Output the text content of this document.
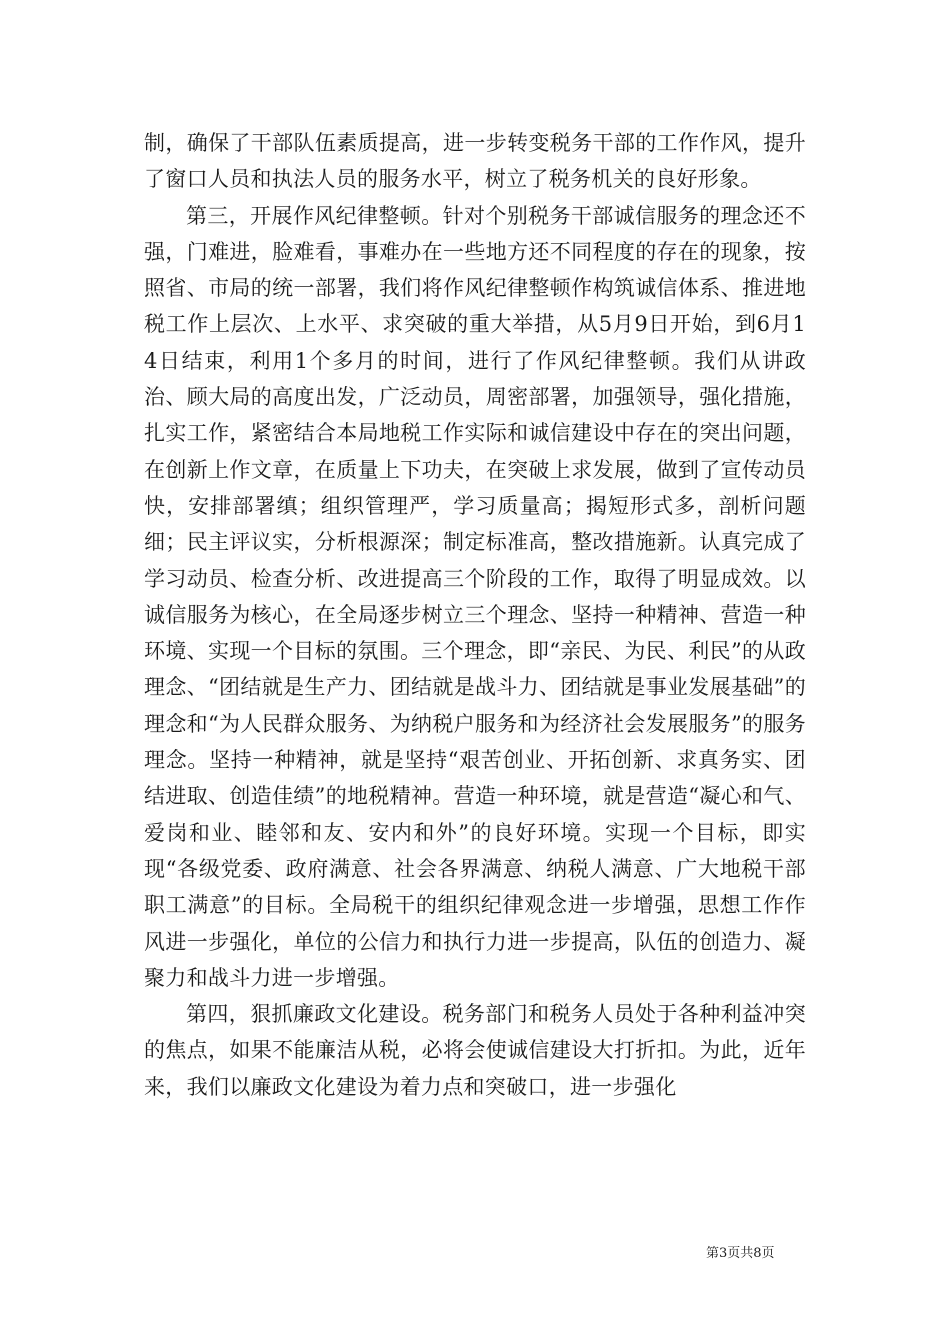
制，确保了干部队伍素质提高，进一步转变税务干部的工作作风，提升了窗口人员和执法人员的服务水平，树立了税务机关的良好形象。

第三，开展作风纪律整顿。针对个别税务干部诚信服务的理念还不强，门难进，脸难看，事难办在一些地方还不同程度的存在的现象，按照省、市局的统一部署，我们将作风纪律整顿作构筑诚信体系、推进地税工作上层次、上水平、求突破的重大举措，从5月9日开始，到6月14日结束，利用1个多月的时间，进行了作风纪律整顿。我们从讲政治、顾大局的高度出发，广泛动员，周密部署，加强领导，强化措施，扎实工作，紧密结合本局地税工作实际和诚信建设中存在的突出问题，在创新上作文章，在质量上下功夫，在突破上求发展，做到了宣传动员快，安排部署缜；组织管理严，学习质量高；揭短形式多，剖析问题细；民主评议实，分析根源深；制定标准高，整改措施新。认真完成了学习动员、检查分析、改进提高三个阶段的工作，取得了明显成效。以诚信服务为核心，在全局逐步树立三个理念、坚持一种精神、营造一种环境、实现一个目标的氛围。三个理念，即“亲民、为民、利民”的从政理念、“团结就是生产力、团结就是战斗力、团结就是事业发展基础”的理念和“为人民群众服务、为纳税户服务和为经济社会发展服务”的服务理念。坚持一种精神，就是坚持“艰苦创业、开拓创新、求真务实、团结进取、创造佳绩”的地税精神。营造一种环境，就是营造“凝心和气、爱岗和业、睦邻和友、安内和外”的良好环境。实现一个目标，即实现“各级党委、政府满意、社会各界满意、纳税人满意、广大地税干部职工满意”的目标。全局税干的组织纪律观念进一步增强，思想工作作风进一步强化，单位的公信力和执行力进一步提高，队伍的创造力、凝聚力和战斗力进一步增强。

第四，狠抓廉政文化建设。税务部门和税务人员处于各种利益冲突的焦点，如果不能廉洁从税，必将会使诚信建设大打折扣。为此，近年来，我们以廉政文化建设为着力点和突破口，进一步强化

第3页共8页
